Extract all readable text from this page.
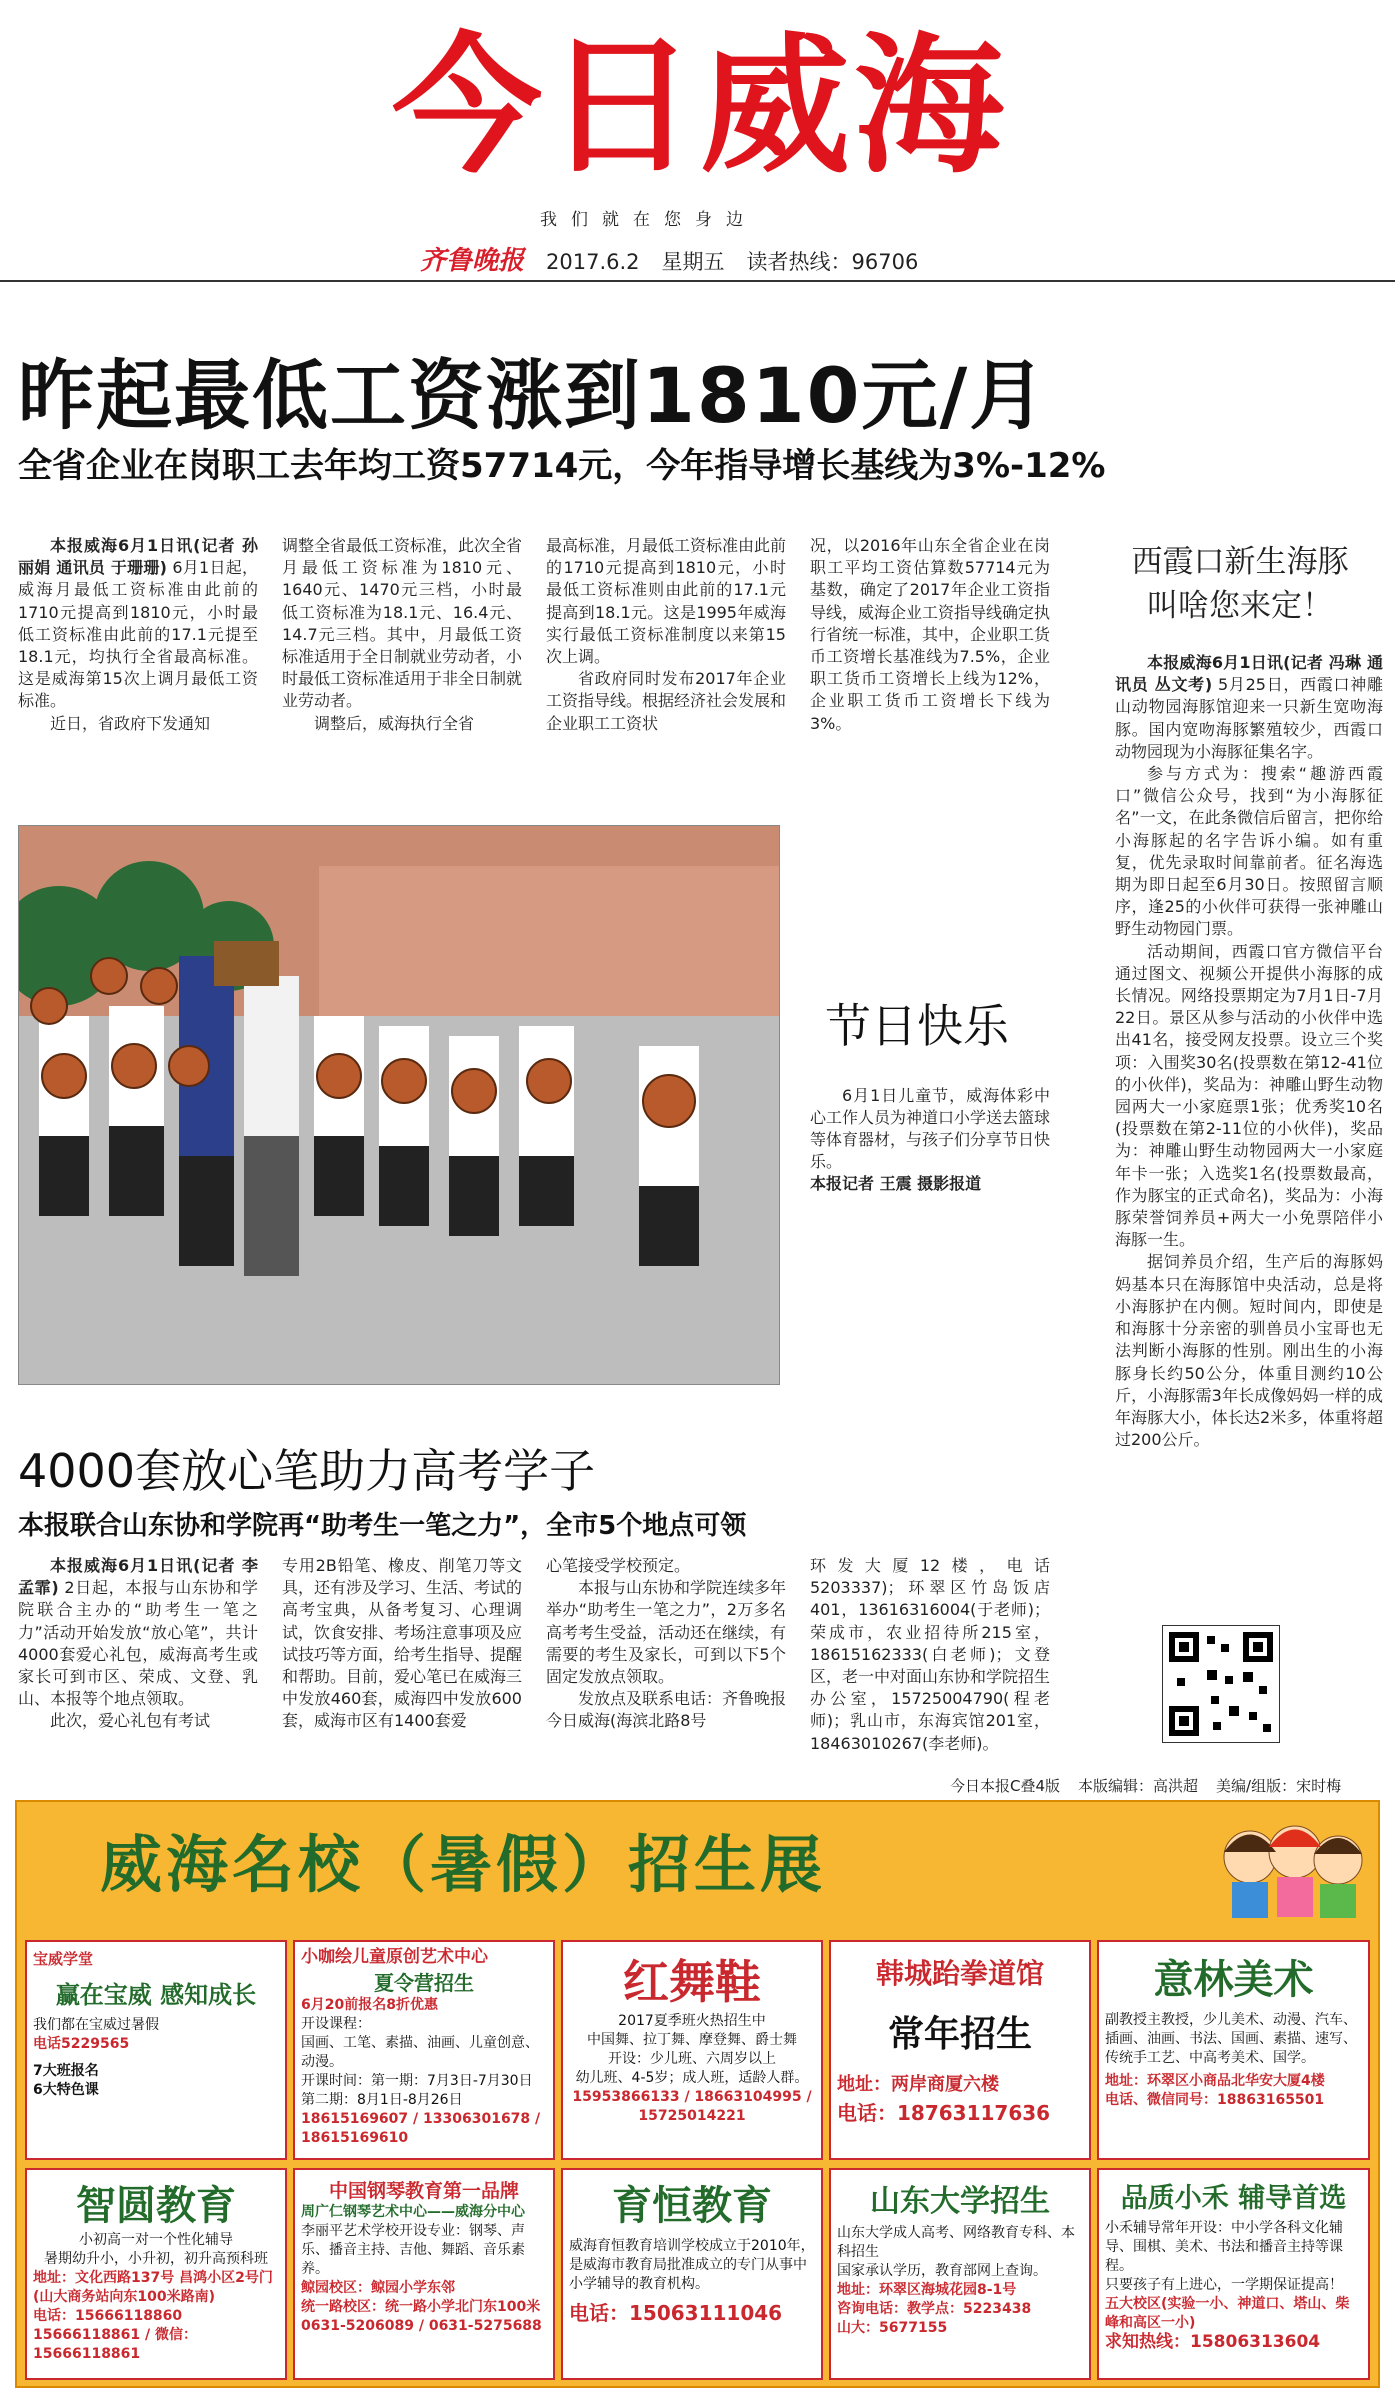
今日威海
我们就在您身边
齐鲁晚报 2017.6.2 星期五 读者热线：96706
昨起最低工资涨到1810元/月
全省企业在岗职工去年均工资57714元，今年指导增长基线为3%-12%

本报威海6月1日讯(记者 孙丽娟 通讯员 于珊珊) 6月1日起，威海月最低工资标准由此前的1710元提高到1810元，小时最低工资标准由此前的17.1元提至18.1元，均执行全省最高标准。这是威海第15次上调月最低工资标准。

近日，省政府下发通知

调整全省最低工资标准，此次全省月最低工资标准为1810元、1640元、1470元三档，小时最低工资标准为18.1元、16.4元、14.7元三档。其中，月最低工资标准适用于全日制就业劳动者，小时最低工资标准适用于非全日制就业劳动者。

调整后，威海执行全省

最高标准，月最低工资标准由此前的1710元提高到1810元，小时最低工资标准则由此前的17.1元提高到18.1元。这是1995年威海实行最低工资标准制度以来第15次上调。

省政府同时发布2017年企业工资指导线。根据经济社会发展和企业职工工资状

况，以2016年山东全省企业在岗职工平均工资估算数57714元为基数，确定了2017年企业工资指导线，威海企业工资指导线确定执行省统一标准，其中，企业职工货币工资增长基准线为7.5%，企业职工货币工资增长上线为12%，企业职工货币工资增长下线为3%。

节日快乐

6月1日儿童节，威海体彩中心工作人员为神道口小学送去篮球等体育器材，与孩子们分享节日快乐。

本报记者 王震 摄影报道

4000套放心笔助力高考学子
本报联合山东协和学院再“助考生一笔之力”，全市5个地点可领

本报威海6月1日讯(记者 李孟霏) 2日起，本报与山东协和学院联合主办的“助考生一笔之力”活动开始发放“放心笔”，共计4000套爱心礼包，威海高考生或家长可到市区、荣成、文登、乳山、本报等个地点领取。

此次，爱心礼包有考试

专用2B铅笔、橡皮、削笔刀等文具，还有涉及学习、生活、考试的高考宝典，从备考复习、心理调试，饮食安排、考场注意事项及应试技巧等方面，给考生指导、提醒和帮助。目前，爱心笔已在威海三中发放460套，威海四中发放600套，威海市区有1400套爱

心笔接受学校预定。

本报与山东协和学院连续多年举办“助考生一笔之力”，2万多名高考考生受益，活动还在继续，有需要的考生及家长，可到以下5个固定发放点领取。

发放点及联系电话：齐鲁晚报今日威海(海滨北路8号

环发大厦12楼，电话5203337)；环翠区竹岛饭店401，13616316004(于老师)；荣成市，农业招待所215室，18615162333(白老师)；文登区，老一中对面山东协和学院招生办公室，15725004790(程老师)；乳山市，东海宾馆201室，18463010267(李老师)。

西霞口新生海豚
叫啥您来定！

本报威海6月1日讯(记者 冯琳 通讯员 丛文考) 5月25日，西霞口神雕山动物园海豚馆迎来一只新生宽吻海豚。国内宽吻海豚繁殖较少，西霞口动物园现为小海豚征集名字。

参与方式为：搜索“趣游西霞口”微信公众号，找到“为小海豚征名”一文，在此条微信后留言，把你给小海豚起的名字告诉小编。如有重复，优先录取时间靠前者。征名海选期为即日起至6月30日。按照留言顺序，逢25的小伙伴可获得一张神雕山野生动物园门票。

活动期间，西霞口官方微信平台通过图文、视频公开提供小海豚的成长情况。网络投票期定为7月1日-7月22日。景区从参与活动的小伙伴中选出41名，接受网友投票。设立三个奖项：入围奖30名(投票数在第12-41位的小伙伴)，奖品为：神雕山野生动物园两大一小家庭票1张；优秀奖10名(投票数在第2-11位的小伙伴)，奖品为：神雕山野生动物园两大一小家庭年卡一张；入选奖1名(投票数最高，作为豚宝的正式命名)，奖品为：小海豚荣誉饲养员+两大一小免票陪伴小海豚一生。

据饲养员介绍，生产后的海豚妈妈基本只在海豚馆中央活动，总是将小海豚护在内侧。短时间内，即使是和海豚十分亲密的驯兽员小宝哥也无法判断小海豚的性别。刚出生的小海豚身长约50公分，体重目测约10公斤，小海豚需3年长成像妈妈一样的成年海豚大小，体长达2米多，体重将超过200公斤。

今日本报C叠4版 本版编辑：高洪超 美编/组版：宋时梅
威海名校（暑假）招生展
宝威学堂
赢在宝威 感知成长
我们都在宝威过暑假
电话5229565
7大班报名
6大特色课
小咖绘儿童原创艺术中心
夏令营招生
6月20前报名8折优惠
开设课程：
国画、工笔、素描、油画、儿童创意、动漫。
开课时间：第一期：7月3日-7月30日
第二期：8月1日-8月26日
18615169607 / 13306301678 / 18615169610
红舞鞋
2017夏季班火热招生中
中国舞、拉丁舞、摩登舞、爵士舞
开设：少儿班、六周岁以上
幼儿班、4-5岁；成人班，适龄人群。
15953866133 / 18663104995 / 15725014221
韩城跆拳道馆
常年招生
地址：两岸商厦六楼
电话：18763117636
意林美术
副教授主教授，少儿美术、动漫、汽车、插画、油画、书法、国画、素描、速写、传统手工艺、中高考美术、国学。
地址：环翠区小商品北华安大厦4楼
电话、微信同号：18863165501
智圆教育
小初高一对一个性化辅导
暑期幼升小，小升初，初升高预科班
地址：文化西路137号 昌鸿小区2号门
(山大商务站向东100米路南)
电话：15666118860 15666118861 / 微信：15666118861
中国钢琴教育第一品牌
周广仁钢琴艺术中心——威海分中心
李丽平艺术学校开设专业：钢琴、声乐、播音主持、吉他、舞蹈、音乐素养。
鲸园校区：鲸园小学东邻
统一路校区：统一路小学北门东100米
0631-5206089 / 0631-5275688
育恒教育
威海育恒教育培训学校成立于2010年，是威海市教育局批准成立的专门从事中小学辅导的教育机构。
电话：15063111046
山东大学招生
山东大学成人高考、网络教育专科、本科招生
国家承认学历，教育部网上查询。
地址：环翠区海城花园8-1号
咨询电话：教学点：5223438
山大：5677155
品质小禾 辅导首选
小禾辅导常年开设：中小学各科文化辅导、围棋、美术、书法和播音主持等课程。
只要孩子有上进心，一学期保证提高！
五大校区(实验一小、神道口、塔山、柴峰和高区一小)
求知热线：15806313604
